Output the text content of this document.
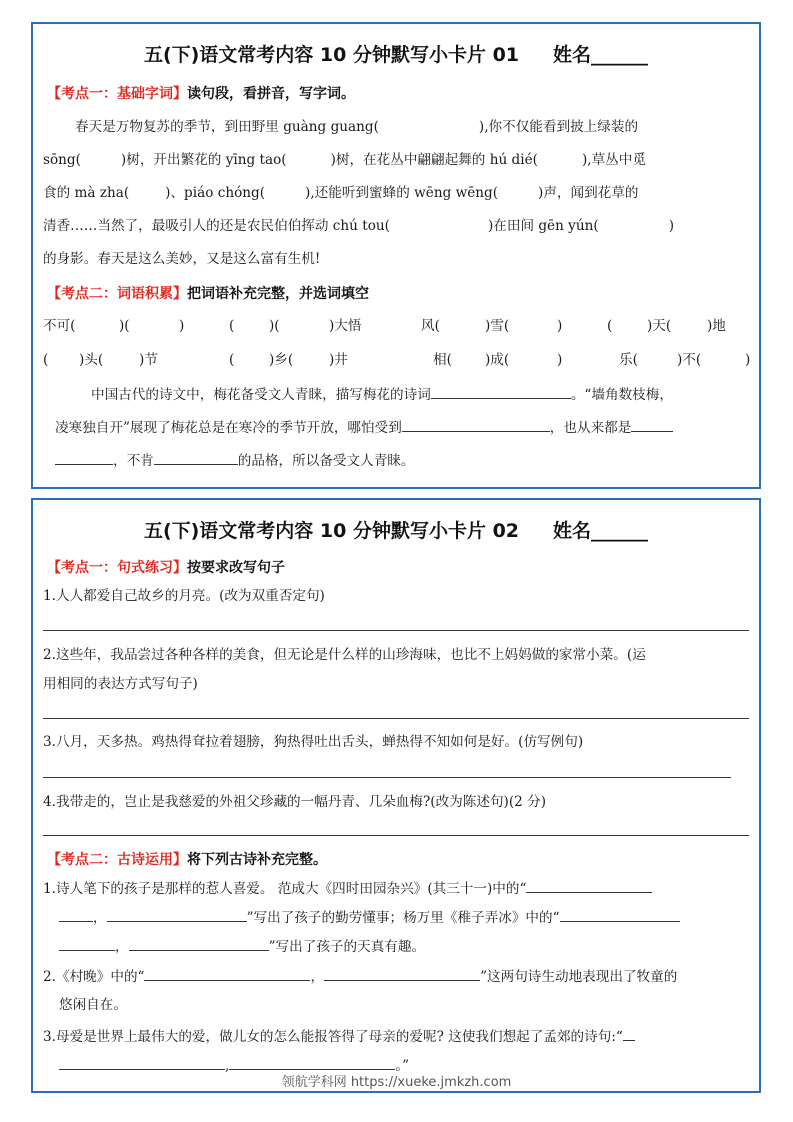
五(下)语文常考内容 10 分钟默写小卡片 01 姓名______
【考点一：基础字词】读句段，看拼音，写字词。
春天是万物复苏的季节，到田野里 guàng guang(	),你不仅能看到披上绿装的
sōng(	)树，开出繁花的 yīng tao(	)树，在花丛中翩翩起舞的 hú dié(	),草丛中觅
食的 mà zha(	)、piáo chóng(	),还能听到蜜蜂的 wēng wēng(	)声，闻到花草的
清香……当然了，最吸引人的还是农民伯伯挥动 chú tou(	)在田间 gēn yún(	)
的身影。春天是这么美妙，又是这么富有生机!
【考点二：词语积累】把词语补充完整，并选词填空
不可(	)(	)	(	)(	)大悟	风(	)雪(	)	(	)天(	)地
( )头(	)节	(	)乡(	)井	相( )成(	)	乐(	)不(	)
中国古代的诗文中，梅花备受文人青睐，描写梅花的诗词	。“墙角数枝梅，
凌寒独自开”展现了梅花总是在寒冷的季节开放，哪怕受到	，也从来都是
，不肯	的品格，所以备受文人青睐。
五(下)语文常考内容 10 分钟默写小卡片 02 姓名______
【考点一：句式练习】按要求改写句子
1.人人都爱自己故乡的月亮。(改为双重否定句)
2.这些年，我品尝过各种各样的美食，但无论是什么样的山珍海味，也比不上妈妈做的家常小菜。(运
用相同的表达方式写句子)
3.八月，天多热。鸡热得耷拉着翅膀，狗热得吐出舌头，蝉热得不知如何是好。(仿写例句)
4.我带走的，岂止是我慈爱的外祖父珍藏的一幅丹青、几朵血梅?(改为陈述句)(2 分)
【考点二：古诗运用】将下列古诗补充完整。
1.诗人笔下的孩子是那样的惹人喜爱。 范成大《四时田园杂兴》(其三十一)中的“
，	”写出了孩子的勤劳懂事；杨万里《稚子弄冰》中的“
，	”写出了孩子的天真有趣。
2.《村晚》中的“	，	”这两句诗生动地表现出了牧童的
悠闲自在。
3.母爱是世界上最伟大的爱，做儿女的怎么能报答得了母亲的爱呢? 这使我们想起了孟郊的诗句:“
,	。”
领航学科网 https://xueke.jmkzh.com
